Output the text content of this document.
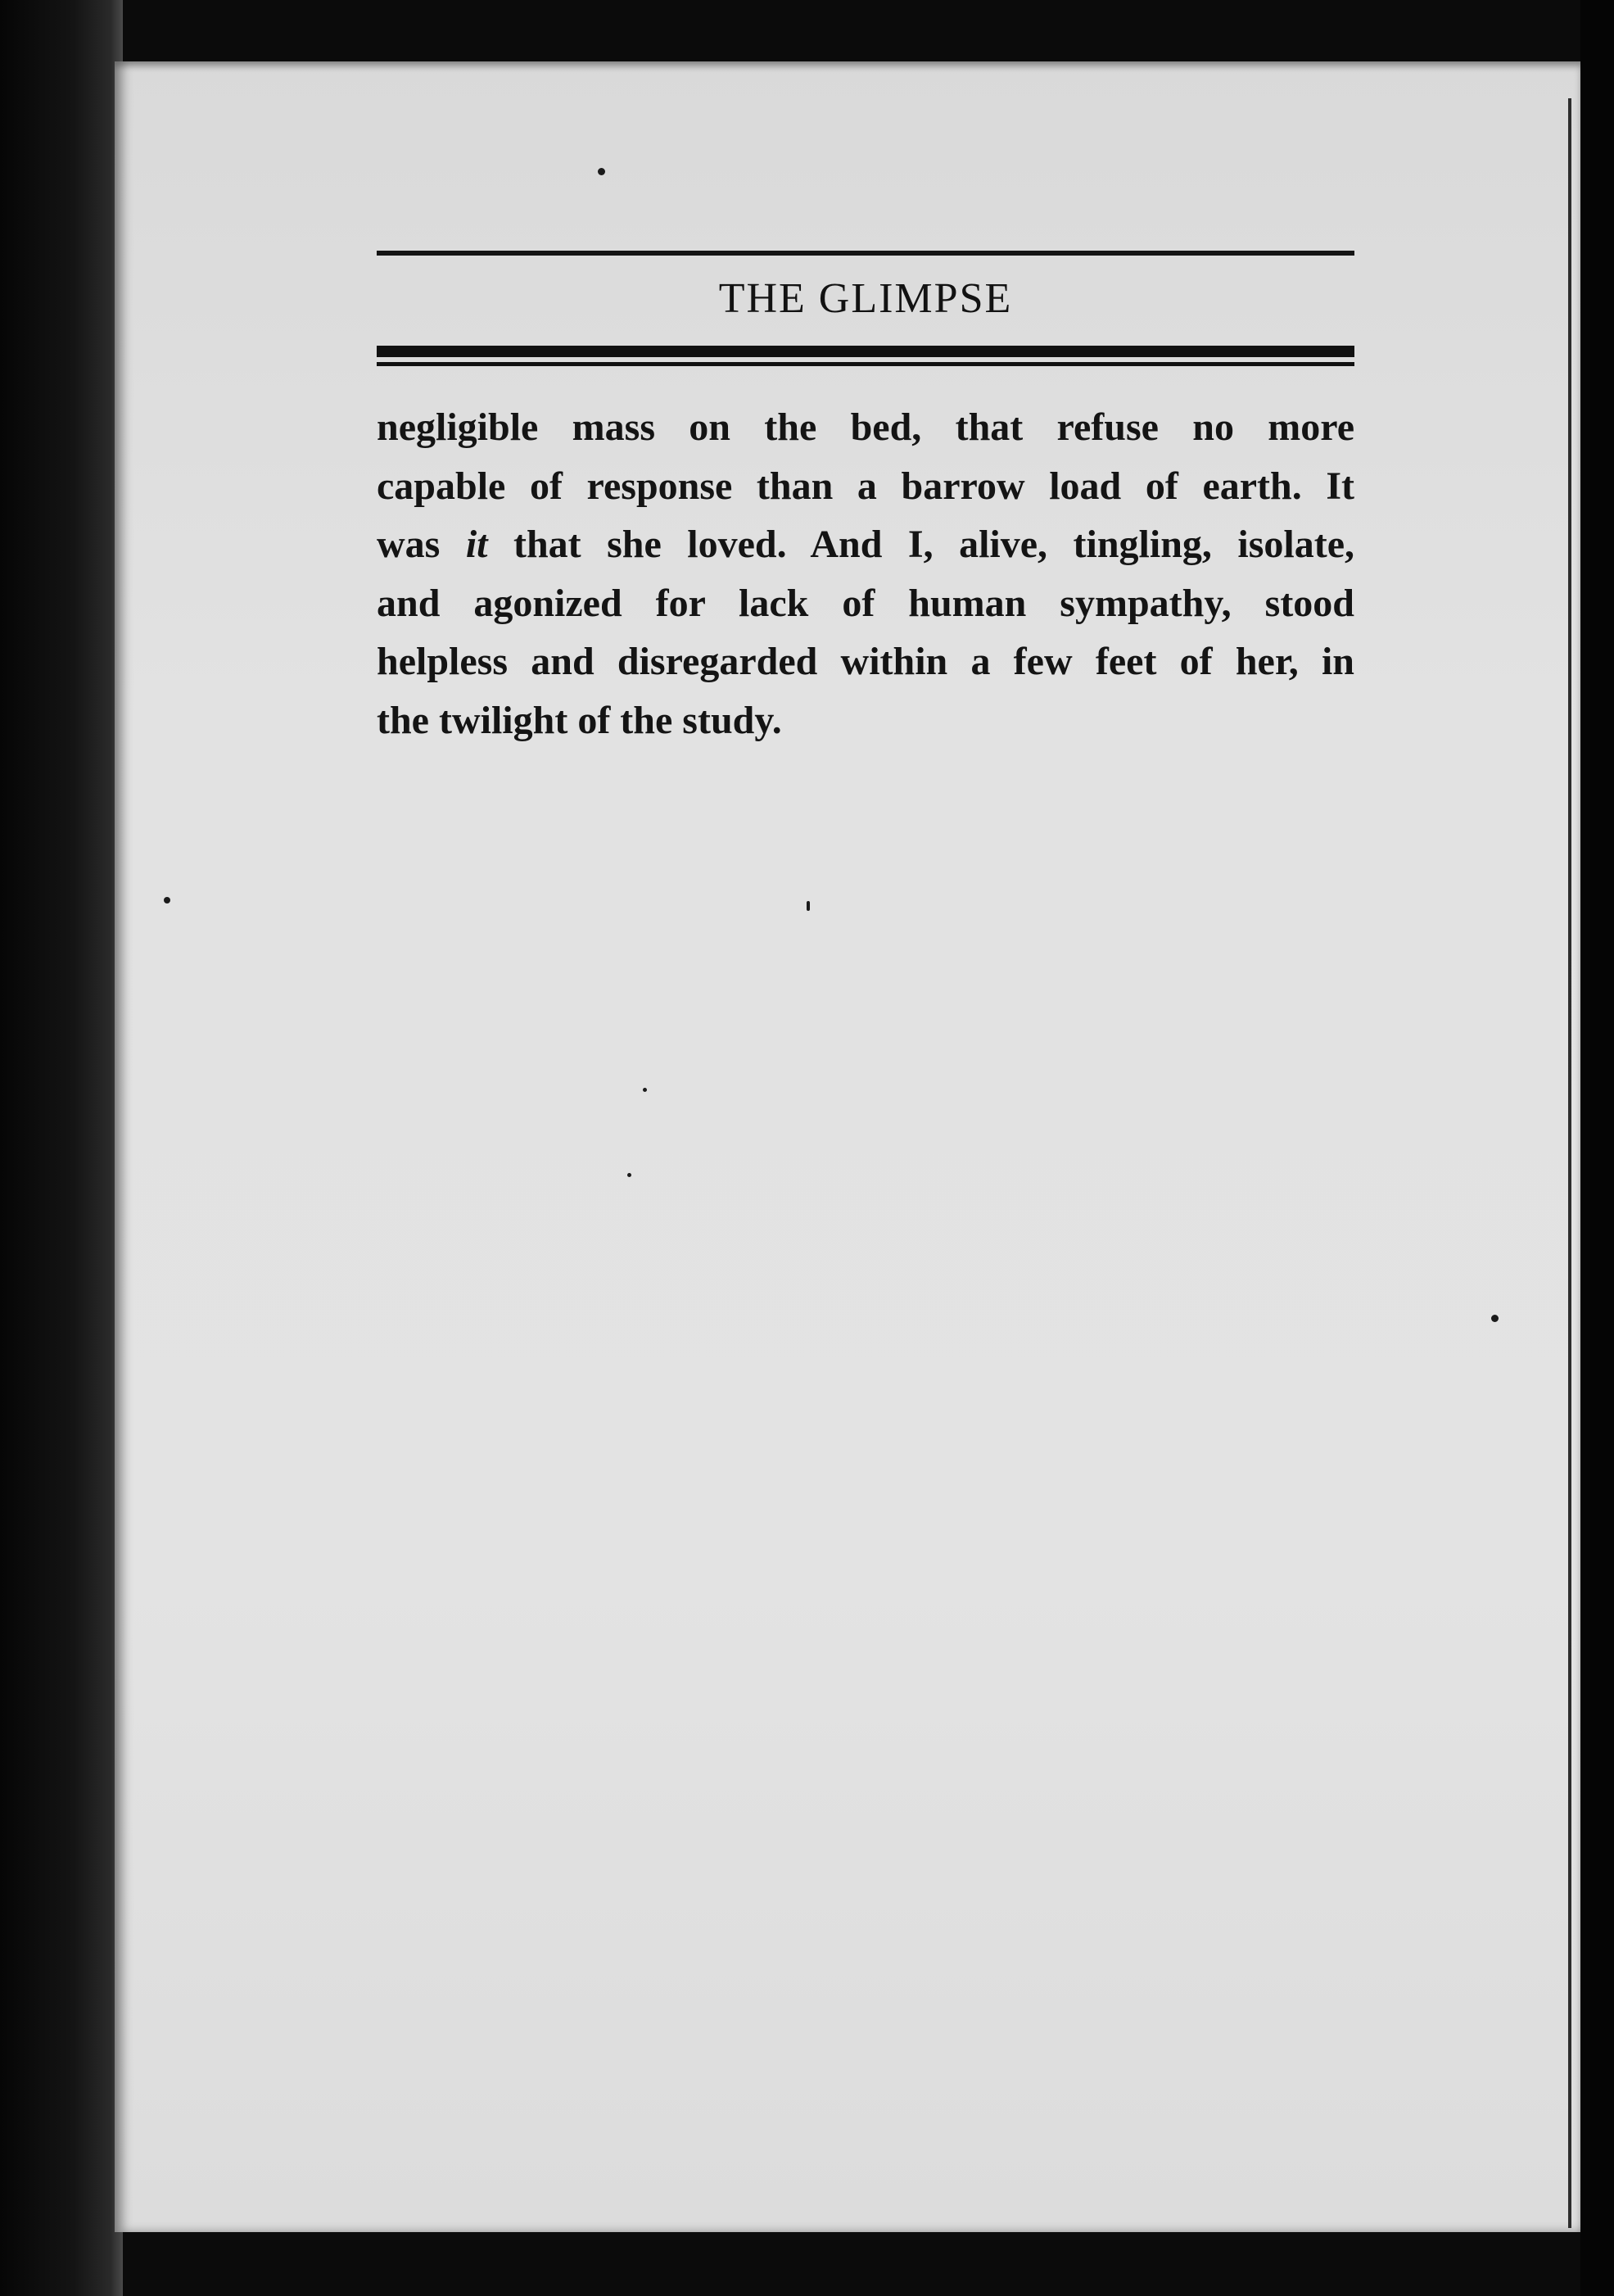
THE GLIMPSE
negligible mass on the bed, that refuse no more
capable of response than a barrow load of earth. It
was it that she loved. And I, alive, tingling, isolate,
and agonized for lack of human sympathy, stood
helpless and disregarded within a few feet of her, in
the twilight of the study.
